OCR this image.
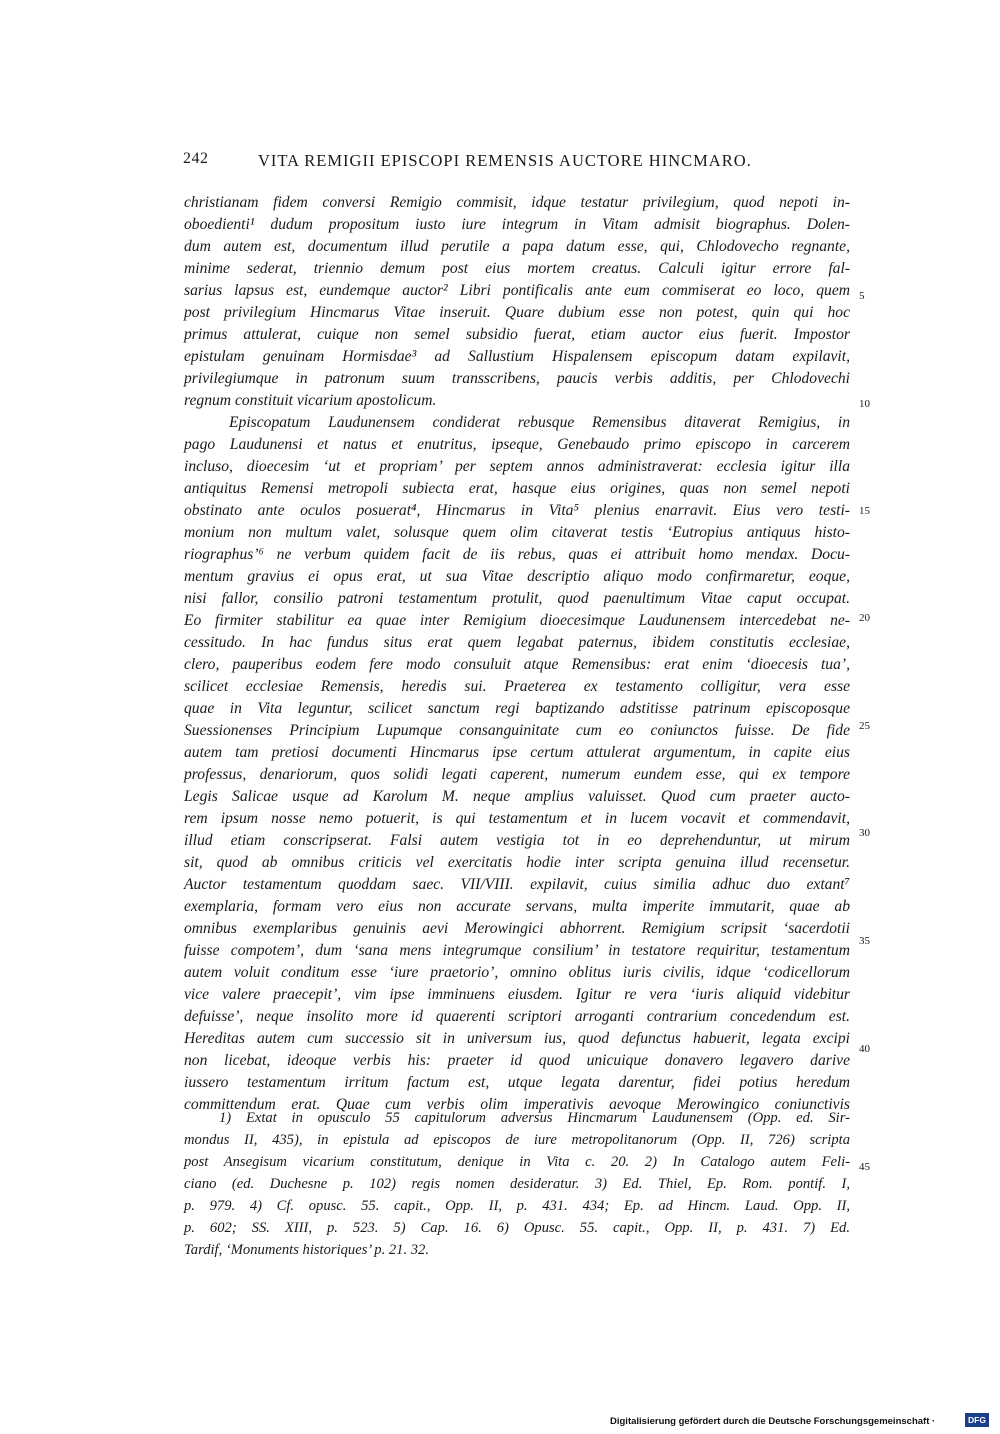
242	VITA REMIGII EPISCOPI REMENSIS AUCTORE HINCMARO.
christianam fidem conversi Remigio commisit, idque testatur privilegium, quod nepoti in-
oboedienti¹ dudum propositum iusto iure integrum in Vitam admisit biographus. Dolen-
dum autem est, documentum illud perutile a papa datum esse, qui, Chlodovecho regnante,
minime sederat, triennio demum post eius mortem creatus. Calculi igitur errore fal-
sarius lapsus est, eundemque auctor² Libri pontificalis ante eum commiserat eo loco, quem
post privilegium Hincmarus Vitae inseruit. Quare dubium esse non potest, quin qui hoc
primus attulerat, cuique non semel subsidio fuerat, etiam auctor eius fuerit. Impostor
epistulam genuinam Hormisdae³ ad Sallustium Hispalensem episcopum datam expilavit,
privilegiumque in patronum suum transscribens, paucis verbis additis, per Chlodovechi
regnum constituit vicarium apostolicum.
Episcopatum Laudunensem condiderat rebusque Remensibus ditaverat Remigius, in
pago Laudunensi et natus et enutritus, ipseque, Genebaudo primo episcopo in carcerem
incluso, dioecesim ‘ut et propriam’ per septem annos administraverat: ecclesia igitur illa
antiquitus Remensi metropoli subiecta erat, hasque eius origines, quas non semel nepoti
obstinato ante oculos posuerat⁴, Hincmarus in Vita⁵ plenius enarravit. Eius vero testi-
monium non multum valet, solusque quem olim citaverat testis ‘Eutropius antiquus histo-
riographus’⁶ ne verbum quidem facit de iis rebus, quas ei attribuit homo mendax. Docu-
mentum gravius ei opus erat, ut sua Vitae descriptio aliquo modo confirmaretur, eoque,
nisi fallor, consilio patroni testamentum protulit, quod paenultimum Vitae caput occupat.
Eo firmiter stabilitur ea quae inter Remigium dioecesimque Laudunensem intercedebat ne-
cessitudo. In hac fundus situs erat quem legabat paternus, ibidem constitutis ecclesiae,
clero, pauperibus eodem fere modo consuluit atque Remensibus: erat enim ‘dioecesis tua’,
scilicet ecclesiae Remensis, heredis sui. Praeterea ex testamento colligitur, vera esse
quae in Vita leguntur, scilicet sanctum regi baptizando adstitisse patrinum episcoposque
Suessionenses Principium Lupumque consanguinitate cum eo coniunctos fuisse. De fide
autem tam pretiosi documenti Hincmarus ipse certum attulerat argumentum, in capite eius
professus, denariorum, quos solidi legati caperent, numerum eundem esse, qui ex tempore
Legis Salicae usque ad Karolum M. neque amplius valuisset. Quod cum praeter aucto-
rem ipsum nosse nemo potuerit, is qui testamentum et in lucem vocavit et commendavit,
illud etiam conscripserat. Falsi autem vestigia tot in eo deprehenduntur, ut mirum
sit, quod ab omnibus criticis vel exercitatis hodie inter scripta genuina illud recensetur.
Auctor testamentum quoddam saec. VII/VIII. expilavit, cuius similia adhuc duo extant⁷
exemplaria, formam vero eius non accurate servans, multa imperite immutarit, quae ab
omnibus exemplaribus genuinis aevi Merowingici abhorrent. Remigium scripsit ‘sacerdotii
fuisse compotem’, dum ‘sana mens integrumque consilium’ in testatore requiritur, testamentum
autem voluit conditum esse ‘iure praetorio’, omnino oblitus iuris civilis, idque ‘codicellorum
vice valere praecepit’, vim ipse imminuens eiusdem. Igitur re vera ‘iuris aliquid videbitur
defuisse’, neque insolito more id quaerenti scriptori arroganti contrarium concedendum est.
Hereditas autem cum successio sit in universum ius, quod defunctus habuerit, legata excipi
non licebat, ideoque verbis his: praeter id quod unicuique donavero legavero darive
iussero testamentum irritum factum est, utque legata darentur, fidei potius heredum
committendum erat. Quae cum verbis olim imperativis aevoque Merowingico coniunctivis
5
10
15
20
25
30
35
40
45
1) Extat in opusculo 55 capitulorum adversus Hincmarum Laudunensem (Opp. ed. Sir-
mondus II, 435), in epistula ad episcopos de iure metropolitanorum (Opp. II, 726) scripta
post Ansegisum vicarium constitutum, denique in Vita c. 20. 2) In Catalogo autem Feli-
ciano (ed. Duchesne p. 102) regis nomen desideratur. 3) Ed. Thiel, Ep. Rom. pontif. I,
p. 979. 4) Cf. opusc. 55. capit., Opp. II, p. 431. 434; Ep. ad Hincm. Laud. Opp. II,
p. 602; SS. XIII, p. 523. 5) Cap. 16. 6) Opusc. 55. capit., Opp. II, p. 431. 7) Ed.
Tardif, ‘Monuments historiques’ p. 21. 32.
Digitalisierung gefördert durch die Deutsche Forschungsgemeinschaft ·	DFG
